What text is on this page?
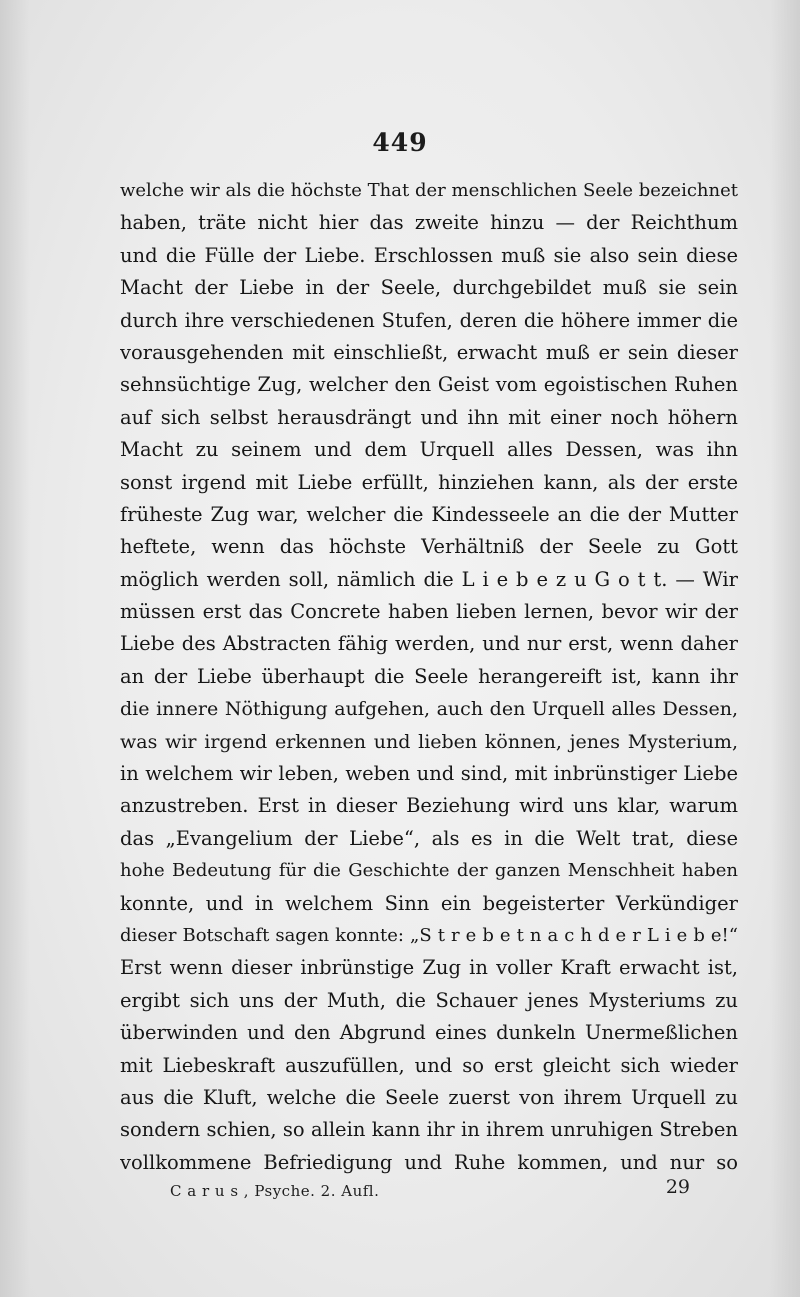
449
welche wir als die höchste That der menschlichen Seele bezeichnet
haben, träte nicht hier das zweite hinzu — der Reichthum
und die Fülle der Liebe. Erschlossen muß sie also sein diese
Macht der Liebe in der Seele, durchgebildet muß sie sein
durch ihre verschiedenen Stufen, deren die höhere immer die
vorausgehenden mit einschließt, erwacht muß er sein dieser
sehnsüchtige Zug, welcher den Geist vom egoistischen Ruhen
auf sich selbst herausdrängt und ihn mit einer noch höhern
Macht zu seinem und dem Urquell alles Dessen, was ihn
sonst irgend mit Liebe erfüllt, hinziehen kann, als der erste
früheste Zug war, welcher die Kindesseele an die der Mutter
heftete, wenn das höchste Verhältniß der Seele zu Gott
möglich werden soll, nämlich die L i e b e z u G o t t. — Wir
müssen erst das Concrete haben lieben lernen, bevor wir der
Liebe des Abstracten fähig werden, und nur erst, wenn daher
an der Liebe überhaupt die Seele herangereift ist, kann ihr
die innere Nöthigung aufgehen, auch den Urquell alles Dessen,
was wir irgend erkennen und lieben können, jenes Mysterium,
in welchem wir leben, weben und sind, mit inbrünstiger Liebe
anzustreben. Erst in dieser Beziehung wird uns klar, warum
das „Evangelium der Liebe“, als es in die Welt trat, diese
hohe Bedeutung für die Geschichte der ganzen Menschheit haben
konnte, und in welchem Sinn ein begeisterter Verkündiger
dieser Botschaft sagen konnte: „S t r e b e t n a c h d e r L i e b e!“
Erst wenn dieser inbrünstige Zug in voller Kraft erwacht ist,
ergibt sich uns der Muth, die Schauer jenes Mysteriums zu
überwinden und den Abgrund eines dunkeln Unermeßlichen
mit Liebeskraft auszufüllen, und so erst gleicht sich wieder
aus die Kluft, welche die Seele zuerst von ihrem Urquell zu
sondern schien, so allein kann ihr in ihrem unruhigen Streben
vollkommene Befriedigung und Ruhe kommen, und nur so
C a r u s , Psyche. 2. Aufl.	29
